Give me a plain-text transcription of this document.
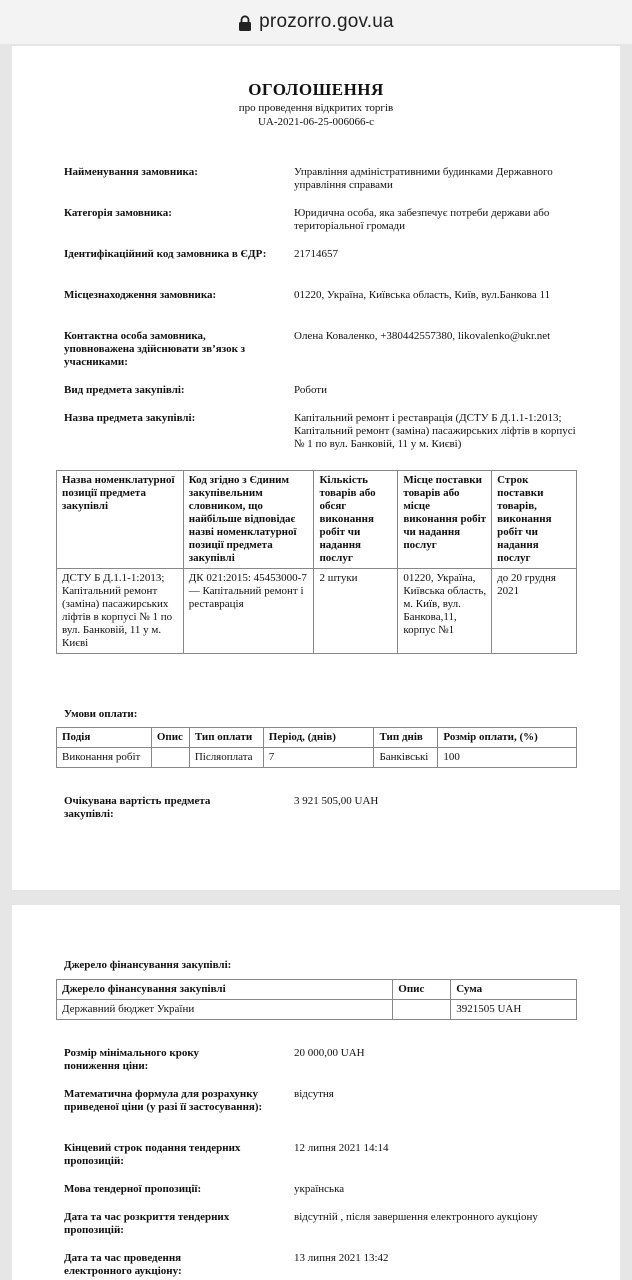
prozorro.gov.ua
ОГОЛОШЕННЯ
про проведення відкритих торгів
UA-2021-06-25-006066-c
Найменування замовника:	Управління адміністративними будинками Державного управління справами
Категорія замовника:	Юридична особа, яка забезпечує потреби держави або територіальної громади
Ідентифікаційний код замовника в ЄДР:	21714657
Місцезнаходження замовника:	01220, Україна, Київська область, Київ, вул.Банкова 11
Контактна особа замовника, уповноважена здійснювати зв’язок з учасниками:
Олена Коваленко, +380442557380, likovalenko@ukr.net
Вид предмета закупівлі:	Роботи
Назва предмета закупівлі:	Капітальний ремонт і реставрація (ДСТУ Б Д.1.1-1:2013; Капітальний ремонт (заміна) пасажирських ліфтів в корпусі № 1 по вул. Банковій, 11 у м. Києві)
Назва номенклатурної позиції предмета закупівлі	Код згідно з Єдиним закупівельним словником, що найбільше відповідає назві номенклатурної позиції предмета закупівлі	Кількість товарів або обсяг виконання робіт чи надання послуг	Місце поставки товарів або місце виконання робіт чи надання послуг	Строк поставки товарів, виконання робіт чи надання послуг
ДСТУ Б Д.1.1-1:2013; Капітальний ремонт (заміна) пасажирських ліфтів в корпусі № 1 по вул. Банковій, 11 у м. Києві	ДК 021:2015: 45453000-7 — Капітальний ремонт і реставрація	2 штуки	01220, Україна, Київська область, м. Київ, вул. Банкова,11, корпус №1	до 20 грудня 2021
Умови оплати:
Подія	Опис	Тип оплати	Період, (днів)	Тип днів	Розмір оплати, (%)
Виконання робіт		Післяоплата	7	Банківські	100
Очікувана вартість предмета закупівлі:
3 921 505,00 UAH
Джерело фінансування закупівлі:
Джерело фінансування закупівлі	Опис	Сума
Державний бюджет України		3921505 UAH
Розмір мінімального кроку пониження ціни:
20 000,00 UAH
Математична формула для розрахунку приведеної ціни (у разі її застосування):
відсутня
Кінцевий строк подання тендерних пропозицій:
12 липня 2021 14:14
Мова тендерної пропозиції:	українська
Дата та час розкриття тендерних пропозицій:
відсутній , після завершення електронного аукціону
Дата та час проведення електронного аукціону:
13 липня 2021 13:42
